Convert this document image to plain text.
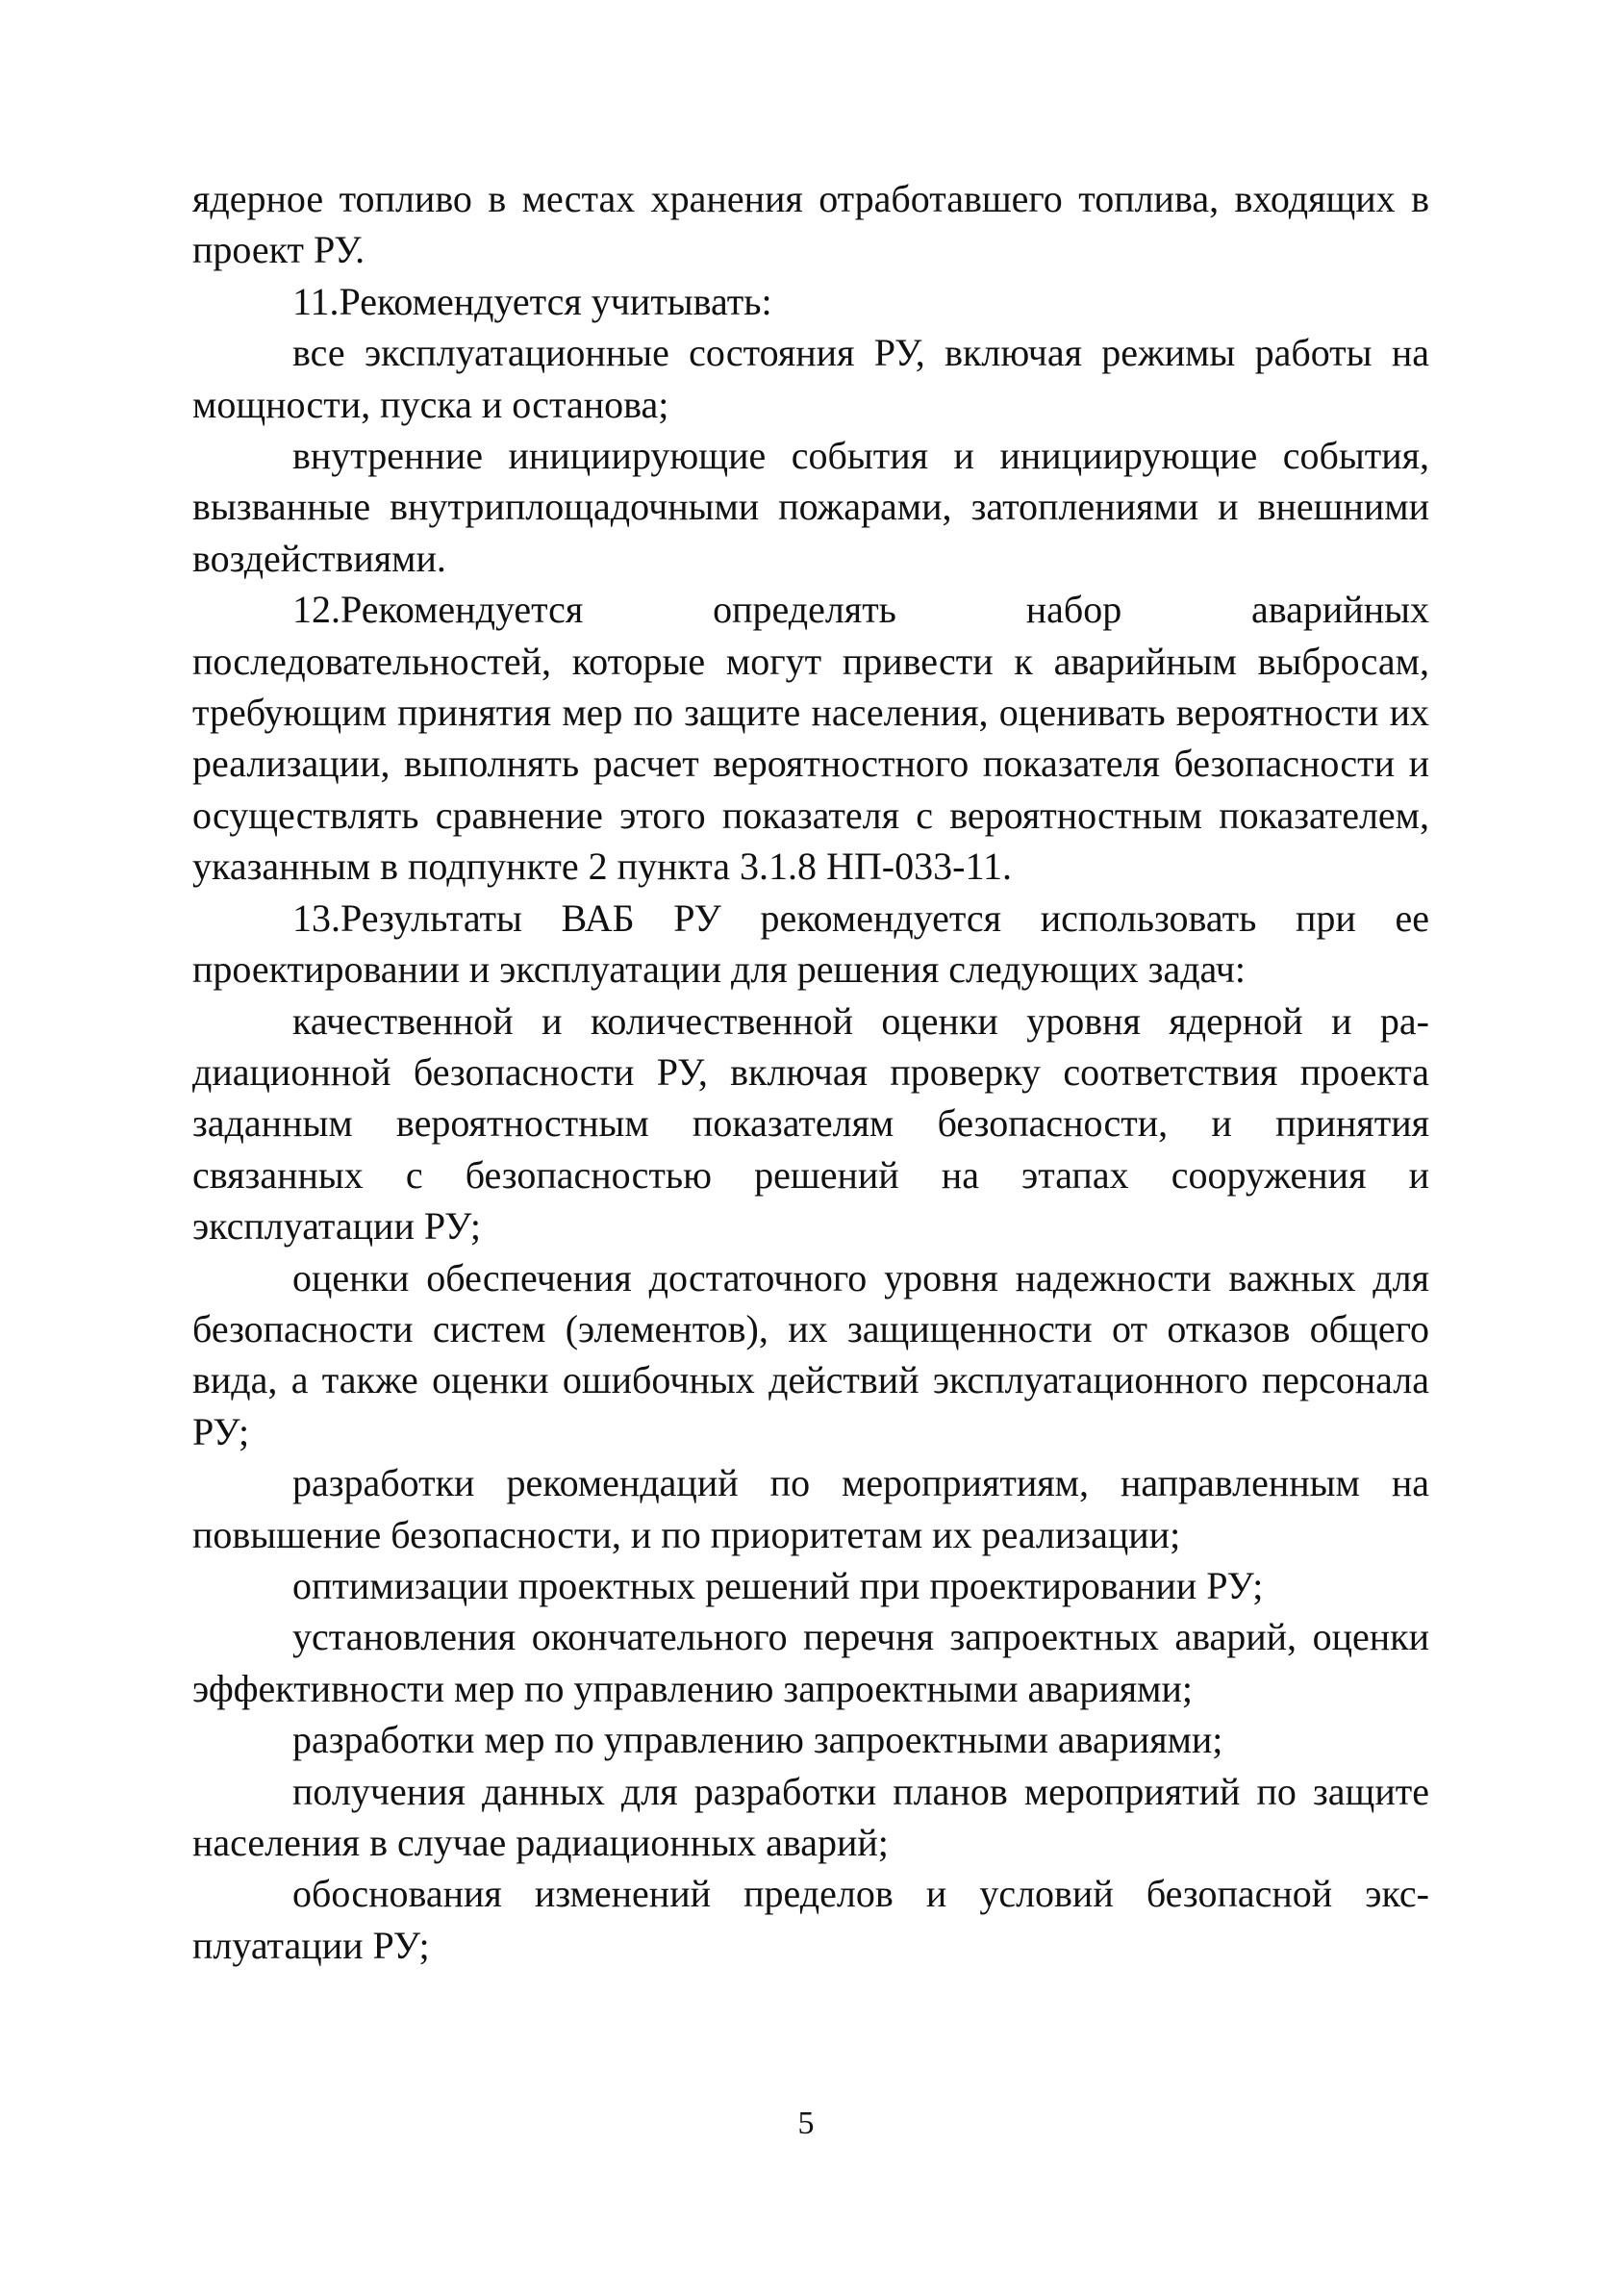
ядерное топливо в местах хранения отработавшего топлива, входящих в проект РУ.

11.Рекомендуется учитывать:

все эксплуатационные состояния РУ, включая режимы работы на мощности, пуска и останова;

внутренние инициирующие события и инициирующие события, вызванные внутриплощадочными пожарами, затоплениями и внешними воздействиями.

12.Рекомендуется определять набор аварийных последовательностей, которые могут привести к аварийным выбросам, требующим принятия мер по защите населения, оценивать вероятности их реализации, выполнять расчет вероятностного показателя безопасности и осуществлять сравнение этого показателя с вероятностным показателем, указанным в подпункте 2 пункта 3.1.8 НП-033-11.

13.Результаты ВАБ РУ рекомендуется использовать при ее проектировании и эксплуатации для решения следующих задач:

качественной и количественной оценки уровня ядерной и радиационной безопасности РУ, включая проверку соответствия проекта заданным вероятностным показателям безопасности, и принятия связанных с безопасностью решений на этапах сооружения и эксплуатации РУ;

оценки обеспечения достаточного уровня надежности важных для безопасности систем (элементов), их защищенности от отказов общего вида, а также оценки ошибочных действий эксплуатационного персонала РУ;

разработки рекомендаций по мероприятиям, направленным на повышение безопасности, и по приоритетам их реализации;

оптимизации проектных решений при проектировании РУ;

установления окончательного перечня запроектных аварий, оценки эффективности мер по управлению запроектными авариями;

разработки мер по управлению запроектными авариями;

получения данных для разработки планов мероприятий по защите населения в случае радиационных аварий;

обоснования изменений пределов и условий безопасной эксплуатации РУ;

5
